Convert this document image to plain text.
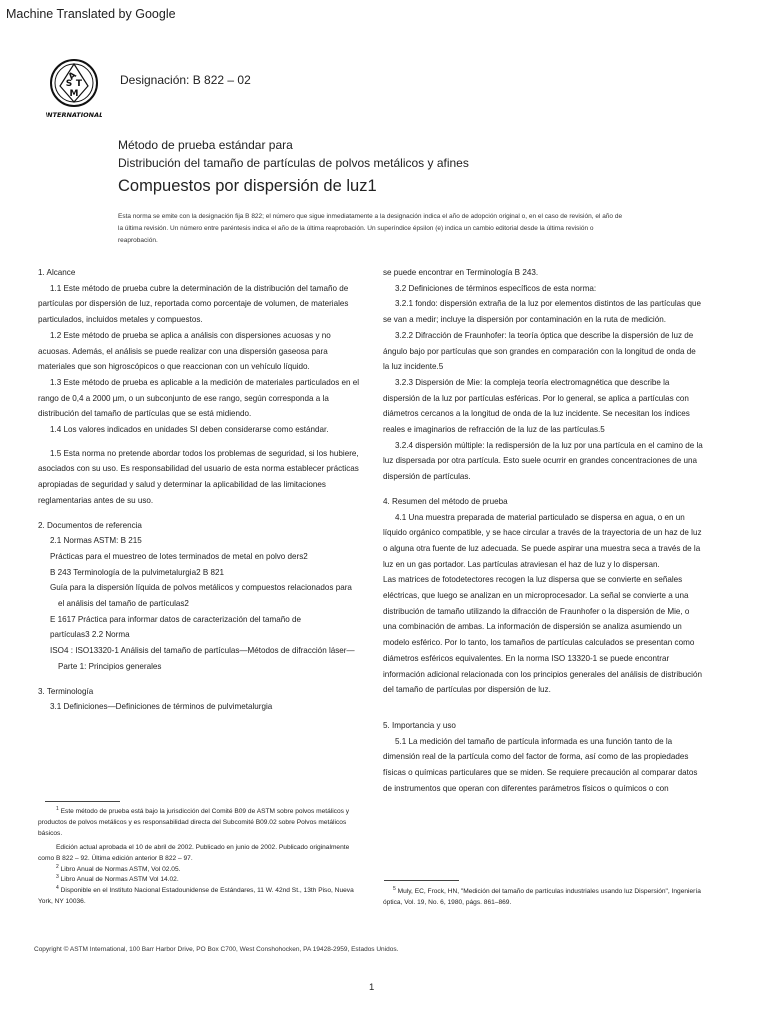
Machine Translated by Google
A
S T
M
INTERNATIONAL
Designación: B 822 – 02
Método de prueba estándar para
Distribución del tamaño de partículas de polvos metálicos y afines
Compuestos por dispersión de luz1
Esta norma se emite con la designación fija B 822; el número que sigue inmediatamente a la designación indica el año de adopción original o, en el caso de revisión, el año de la última revisión. Un número entre paréntesis indica el año de la última reaprobación. Un superíndice épsilon (e) indica un cambio editorial desde la última revisión o reaprobación.

1. Alcance

1.1 Este método de prueba cubre la determinación de la distribución del tamaño de partículas por dispersión de luz, reportada como porcentaje de volumen, de materiales particulados, incluidos metales y compuestos.

1.2 Este método de prueba se aplica a análisis con dispersiones acuosas y no acuosas. Además, el análisis se puede realizar con una dispersión gaseosa para materiales que son higroscópicos o que reaccionan con un vehículo líquido.

1.3 Este método de prueba es aplicable a la medición de materiales particulados en el rango de 0,4 a 2000 µm, o un subconjunto de ese rango, según corresponda a la distribución del tamaño de partículas que se está midiendo.

1.4 Los valores indicados en unidades SI deben considerarse como estándar.

1.5 Esta norma no pretende abordar todos los problemas de seguridad, si los hubiere, asociados con su uso. Es responsabilidad del usuario de esta norma establecer prácticas apropiadas de seguridad y salud y determinar la aplicabilidad de las limitaciones reglamentarias antes de su uso.

2. Documentos de referencia

2.1 Normas ASTM: B 215

Prácticas para el muestreo de lotes terminados de metal en polvo ders2

B 243 Terminología de la pulvimetalurgia2 B 821

Guía para la dispersión líquida de polvos metálicos y compuestos relacionados para el análisis del tamaño de partículas2

E 1617 Práctica para informar datos de caracterización del tamaño de

partículas3 2.2 Norma

ISO4 : ISO13320-1 Análisis del tamaño de partículas—Métodos de difracción láser—Parte 1: Principios generales

3. Terminología

3.1 Definiciones—Definiciones de términos de pulvimetalurgia

se puede encontrar en Terminología B 243.

3.2 Definiciones de términos específicos de esta norma:

3.2.1 fondo: dispersión extraña de la luz por elementos distintos de las partículas que se van a medir; incluye la dispersión por contaminación en la ruta de medición.

3.2.2 Difracción de Fraunhofer: la teoría óptica que describe la dispersión de luz de ángulo bajo por partículas que son grandes en comparación con la longitud de onda de la luz incidente.5

3.2.3 Dispersión de Mie: la compleja teoría electromagnética que describe la dispersión de la luz por partículas esféricas. Por lo general, se aplica a partículas con diámetros cercanos a la longitud de onda de la luz incidente. Se necesitan los índices reales e imaginarios de refracción de la luz de las partículas.5

3.2.4 dispersión múltiple: la redispersión de la luz por una partícula en el camino de la luz dispersada por otra partícula. Esto suele ocurrir en grandes concentraciones de una dispersión de partículas.

4. Resumen del método de prueba

4.1 Una muestra preparada de material particulado se dispersa en agua, o en un líquido orgánico compatible, y se hace circular a través de la trayectoria de un haz de luz o alguna otra fuente de luz adecuada. Se puede aspirar una muestra seca a través de la luz en un gas portador. Las partículas atraviesan el haz de luz y lo dispersan.

Las matrices de fotodetectores recogen la luz dispersa que se convierte en señales eléctricas, que luego se analizan en un microprocesador. La señal se convierte a una distribución de tamaño utilizando la difracción de Fraunhofer o la dispersión de Mie, o una combinación de ambas. La información de dispersión se analiza asumiendo un modelo esférico. Por lo tanto, los tamaños de partículas calculados se presentan como diámetros esféricos equivalentes. En la norma ISO 13320-1 se puede encontrar información adicional relacionada con los principios generales del análisis de distribución del tamaño de partículas por dispersión de luz.

5. Importancia y uso

5.1 La medición del tamaño de partícula informada es una función tanto de la dimensión real de la partícula como del factor de forma, así como de las propiedades físicas o químicas particulares que se miden. Se requiere precaución al comparar datos de instrumentos que operan con diferentes parámetros físicos o químicos o con

$^1$ Este método de prueba está bajo la jurisdicción del Comité B09 de ASTM sobre polvos metálicos y productos de polvos metálicos y es responsabilidad directa del Subcomité B09.02 sobre Polvos metálicos básicos.

Edición actual aprobada el 10 de abril de 2002. Publicado en junio de 2002. Publicado originalmente como B 822 – 92. Última edición anterior B 822 – 97.

$^2$ Libro Anual de Normas ASTM, Vol 02.05.

$^3$ Libro Anual de Normas ASTM Vol 14.02.

$^4$ Disponible en el Instituto Nacional Estadounidense de Estándares, 11 W. 42nd St., 13th Piso, Nueva York, NY 10036.

$^5$ Muly, EC, Frock, HN, "Medición del tamaño de partículas industriales usando luz Dispersión", Ingeniería óptica, Vol. 19, No. 6, 1980, págs. 861–869.

Copyright © ASTM International, 100 Barr Harbor Drive, PO Box C700, West Conshohocken, PA 19428-2959, Estados Unidos.
1
